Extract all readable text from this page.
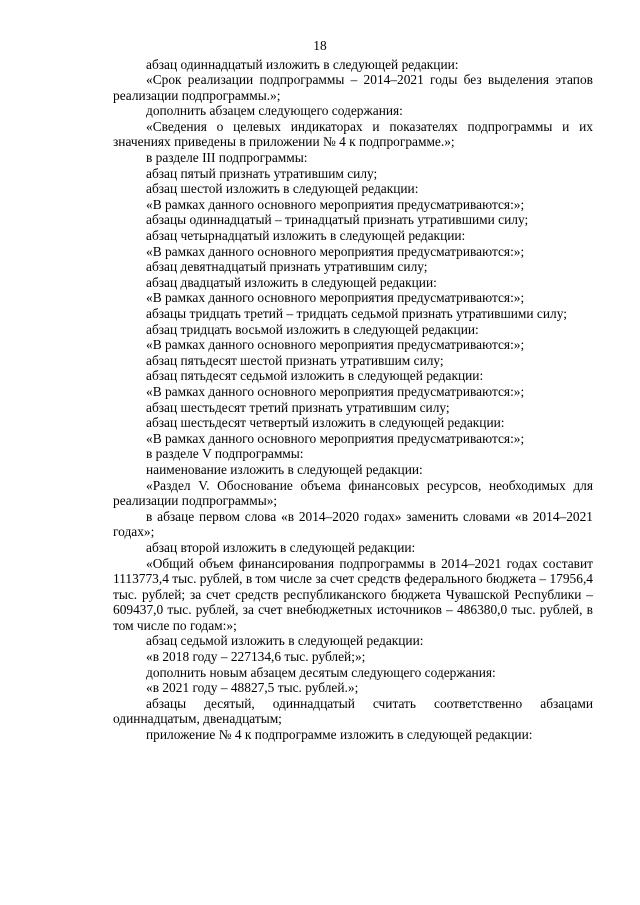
18

абзац одиннадцатый изложить в следующей редакции:

«Срок реализации подпрограммы – 2014–2021 годы без выделения этапов реализации подпрограммы.»;

дополнить абзацем следующего содержания:

«Сведения о целевых индикаторах и показателях подпрограммы и их значениях приведены в приложении № 4 к подпрограмме.»;

в разделе III подпрограммы:

абзац пятый признать утратившим силу;

абзац шестой изложить в следующей редакции:

«В рамках данного основного мероприятия предусматриваются:»;

абзацы одиннадцатый – тринадцатый признать утратившими силу;

абзац четырнадцатый изложить в следующей редакции:

«В рамках данного основного мероприятия предусматриваются:»;

абзац девятнадцатый признать утратившим силу;

абзац двадцатый изложить в следующей редакции:

«В рамках данного основного мероприятия предусматриваются:»;

абзацы тридцать третий – тридцать седьмой признать утратившими силу;

абзац тридцать восьмой изложить в следующей редакции:

«В рамках данного основного мероприятия предусматриваются:»;

абзац пятьдесят шестой признать утратившим силу;

абзац пятьдесят седьмой изложить в следующей редакции:

«В рамках данного основного мероприятия предусматриваются:»;

абзац шестьдесят третий признать утратившим силу;

абзац шестьдесят четвертый изложить в следующей редакции:

«В рамках данного основного мероприятия предусматриваются:»;

в разделе V подпрограммы:

наименование изложить в следующей редакции:

«Раздел V. Обоснование объема финансовых ресурсов, необходимых для реализации подпрограммы»;

в абзаце первом слова «в 2014–2020 годах» заменить словами «в 2014–2021 годах»;

абзац второй изложить в следующей редакции:

«Общий объем финансирования подпрограммы в 2014–2021 годах составит 1113773,4 тыс. рублей, в том числе за счет средств федерального бюджета – 17956,4 тыс. рублей; за счет средств республиканского бюджета Чувашской Республики – 609437,0 тыс. рублей, за счет внебюджетных источников – 486380,0 тыс. рублей, в том числе по годам:»;

абзац седьмой изложить в следующей редакции:

«в 2018 году – 227134,6 тыс. рублей;»;

дополнить новым абзацем десятым следующего содержания:

«в 2021 году – 48827,5 тыс. рублей.»;

абзацы десятый, одиннадцатый считать соответственно абзацами одиннадцатым, двенадцатым;

приложение № 4 к подпрограмме изложить в следующей редакции:
